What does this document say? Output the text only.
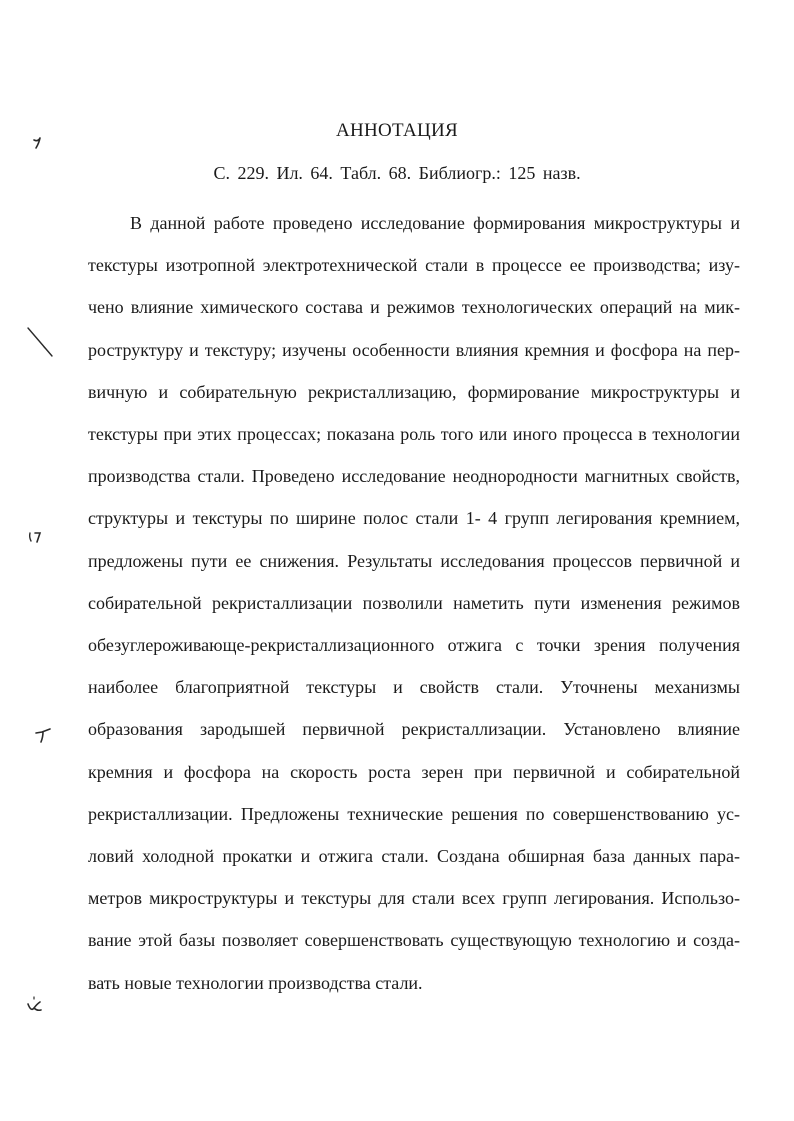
АННОТАЦИЯ
С. 229. Ил. 64. Табл. 68. Библиогр.: 125 назв.

В данной работе проведено исследование формирования микроструктуры и текстуры изотропной электротехнической стали в процессе ее производства; изучено влияние химического состава и режимов технологических операций на микроструктуру и текстуру; изучены особенности влияния кремния и фосфора на первичную и собирательную рекристаллизацию, формирование микроструктуры и текстуры при этих процессах; показана роль того или иного процесса в технологии производства стали. Проведено исследование неоднородности магнитных свойств, структуры и текстуры по ширине полос стали 1- 4 групп легирования кремнием, предложены пути ее снижения. Результаты исследования процессов первичной и собирательной рекристаллизации позволили наметить пути изменения режимов обезуглероживающе-рекристаллизационного отжига с точки зрения получения наиболее благоприятной текстуры и свойств стали. Уточнены механизмы образования зародышей первичной рекристаллизации. Установлено влияние кремния и фосфора на скорость роста зерен при первичной и собирательной рекристаллизации. Предложены технические решения по совершенствованию условий холодной прокатки и отжига стали. Создана обширная база данных параметров микроструктуры и текстуры для стали всех групп легирования. Использование этой базы позволяет совершенствовать существующую технологию и создавать новые технологии производства стали.
